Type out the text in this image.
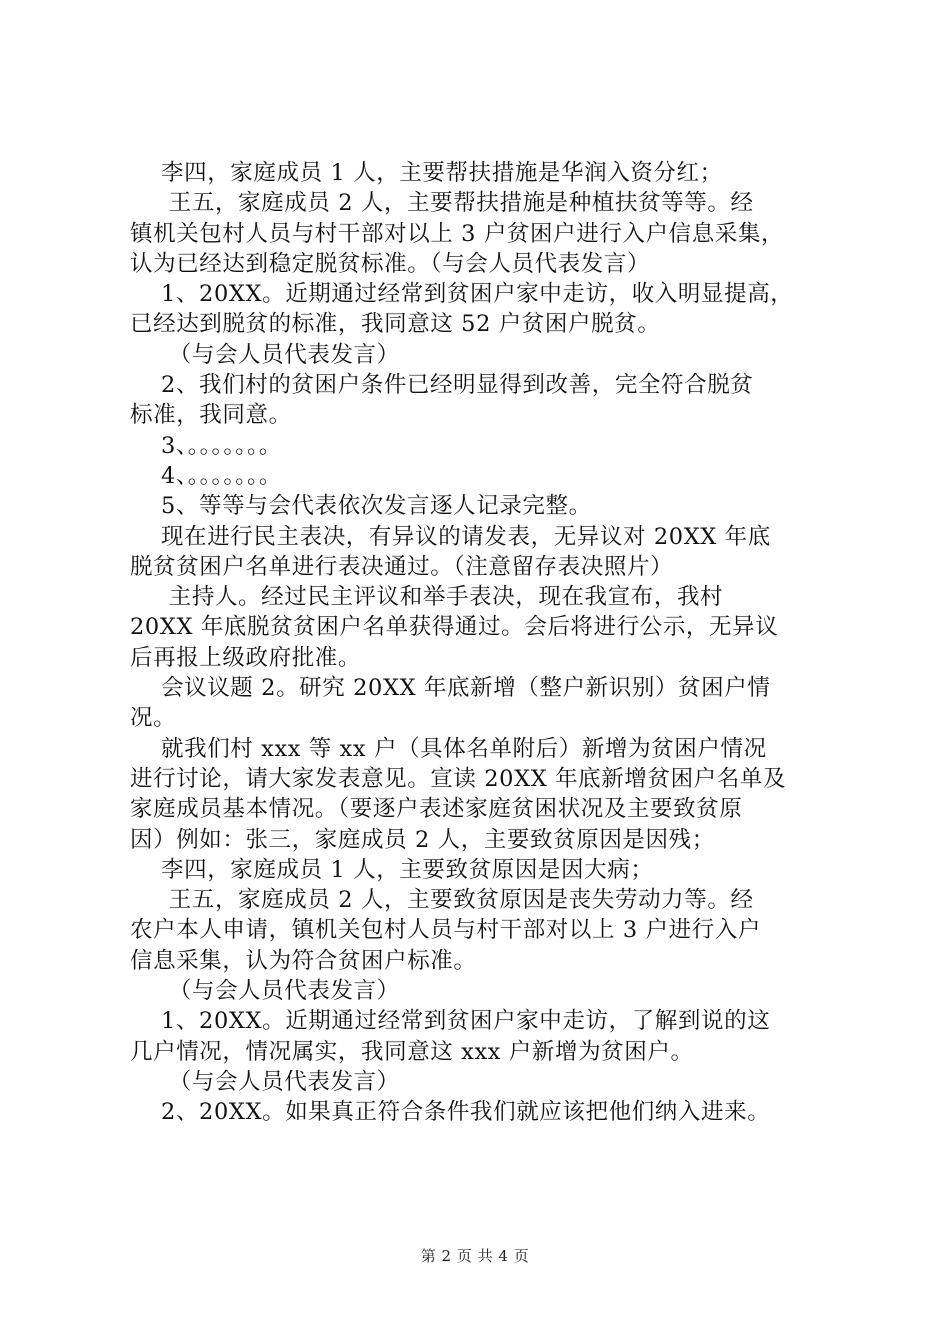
李四，家庭成员 1 人，主要帮扶措施是华润入资分红；
王五，家庭成员 2 人，主要帮扶措施是种植扶贫等等。经
镇机关包村人员与村干部对以上 3 户贫困户进行入户信息采集，
认为已经达到稳定脱贫标准。（与会人员代表发言）
1、20XX。近期通过经常到贫困户家中走访，收入明显提高，
已经达到脱贫的标准，我同意这 52 户贫困户脱贫。
（与会人员代表发言）
2、我们村的贫困户条件已经明显得到改善，完全符合脱贫
标准，我同意。
3、。。。。。。。
4、。。。。。。。
5、等等与会代表依次发言逐人记录完整。
现在进行民主表决，有异议的请发表，无异议对 20XX 年底
脱贫贫困户名单进行表决通过。（注意留存表决照片）
主持人。经过民主评议和举手表决，现在我宣布，我村
20XX 年底脱贫贫困户名单获得通过。会后将进行公示，无异议
后再报上级政府批准。
会议议题 2。研究 20XX 年底新增（整户新识别）贫困户情
况。
就我们村 xxx 等 xx 户（具体名单附后）新增为贫困户情况
进行讨论，请大家发表意见。宣读 20XX 年底新增贫困户名单及
家庭成员基本情况。（要逐户表述家庭贫困状况及主要致贫原
因）例如：张三，家庭成员 2 人，主要致贫原因是因残；
李四，家庭成员 1 人，主要致贫原因是因大病；
王五，家庭成员 2 人，主要致贫原因是丧失劳动力等。经
农户本人申请，镇机关包村人员与村干部对以上 3 户进行入户
信息采集，认为符合贫困户标准。
（与会人员代表发言）
1、20XX。近期通过经常到贫困户家中走访，了解到说的这
几户情况，情况属实，我同意这 xxx 户新增为贫困户。
（与会人员代表发言）
2、20XX。如果真正符合条件我们就应该把他们纳入进来。
第 2 页 共 4 页
